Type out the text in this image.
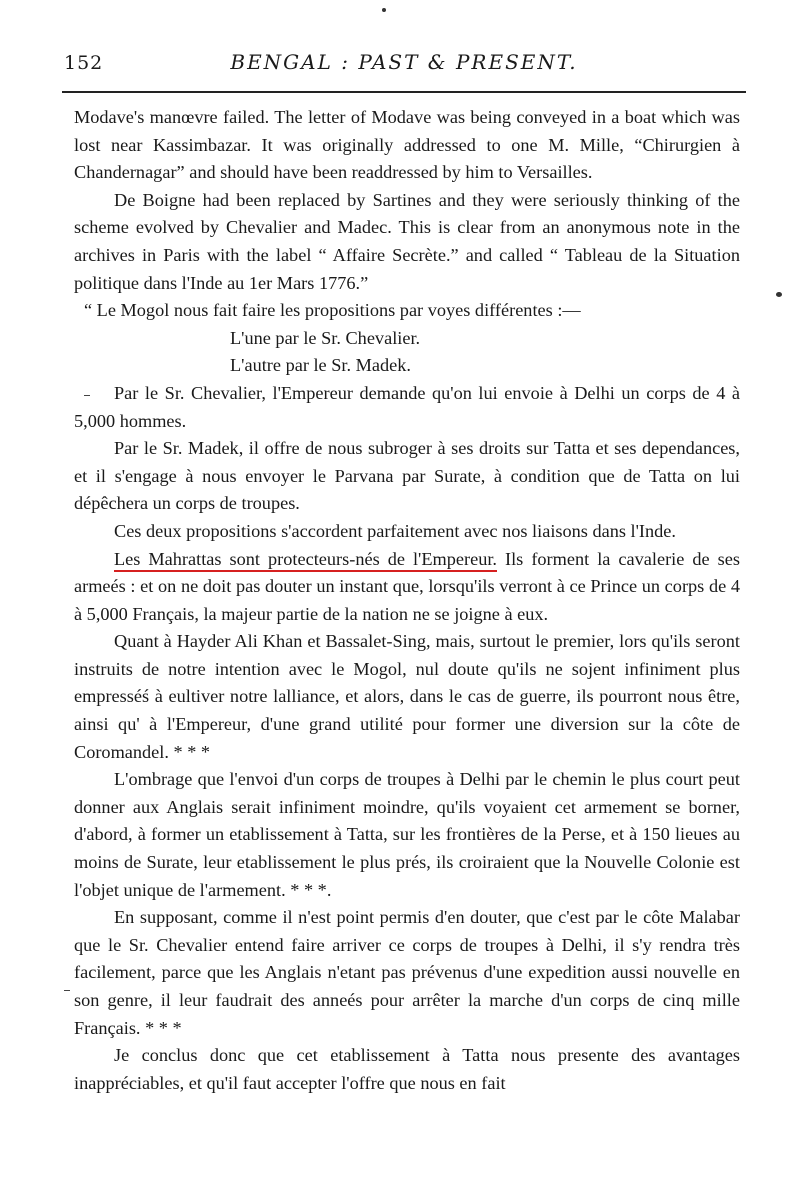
152	BENGAL : PAST & PRESENT.

Modave's manœvre failed. The letter of Modave was being conveyed in a boat which was lost near Kassimbazar. It was originally addressed to one M. Mille, “Chirurgien à Chandernagar” and should have been readdressed by him to Versailles.

De Boigne had been replaced by Sartines and they were seriously thinking of the scheme evolved by Chevalier and Madec. This is clear from an anonymous note in the archives in Paris with the label “ Affaire Secrète.” and called “ Tableau de la Situation politique dans l'Inde au 1er Mars 1776.”

“ Le Mogol nous fait faire les propositions par voyes différentes :—

L'une par le Sr. Chevalier.

L'autre par le Sr. Madek.

Par le Sr. Chevalier, l'Empereur demande qu'on lui envoie à Delhi un corps de 4 à 5,000 hommes.

Par le Sr. Madek, il offre de nous subroger à ses droits sur Tatta et ses dependances, et il s'engage à nous envoyer le Parvana par Surate, à condition que de Tatta on lui dépêchera un corps de troupes.

Ces deux propositions s'accordent parfaitement avec nos liaisons dans l'Inde.

Les Mahrattas sont protecteurs-nés de l'Empereur. Ils forment la cavalerie de ses armeés : et on ne doit pas douter un instant que, lorsqu'ils verront à ce Prince un corps de 4 à 5,000 Français, la majeur partie de la nation ne se joigne à eux.

Quant à Hayder Ali Khan et Bassalet-Sing, mais, surtout le premier, lors qu'ils seront instruits de notre intention avec le Mogol, nul doute qu'ils ne sojent infiniment plus empresséś à eultiver notre lalliance, et alors, dans le cas de guerre, ils pourront nous être, ainsi qu' à l'Empereur, d'une grand utilité pour former une diversion sur la côte de Coromandel. * * *

L'ombrage que l'envoi d'un corps de troupes à Delhi par le chemin le plus court peut donner aux Anglais serait infiniment moindre, qu'ils voyaient cet armement se borner, d'abord, à former un etablissement à Tatta, sur les frontières de la Perse, et à 150 lieues au moins de Surate, leur etablissement le plus prés, ils croiraient que la Nouvelle Colonie est l'objet unique de l'armement. * * *.

En supposant, comme il n'est point permis d'en douter, que c'est par le côte Malabar que le Sr. Chevalier entend faire arriver ce corps de troupes à Delhi, il s'y rendra très facilement, parce que les Anglais n'etant pas prévenus d'une expedition aussi nouvelle en son genre, il leur faudrait des anneés pour arrêter la marche d'un corps de cinq mille Français. * * *

Je conclus donc que cet etablissement à Tatta nous presente des avantages inappréciables, et qu'il faut accepter l'offre que nous en fait
